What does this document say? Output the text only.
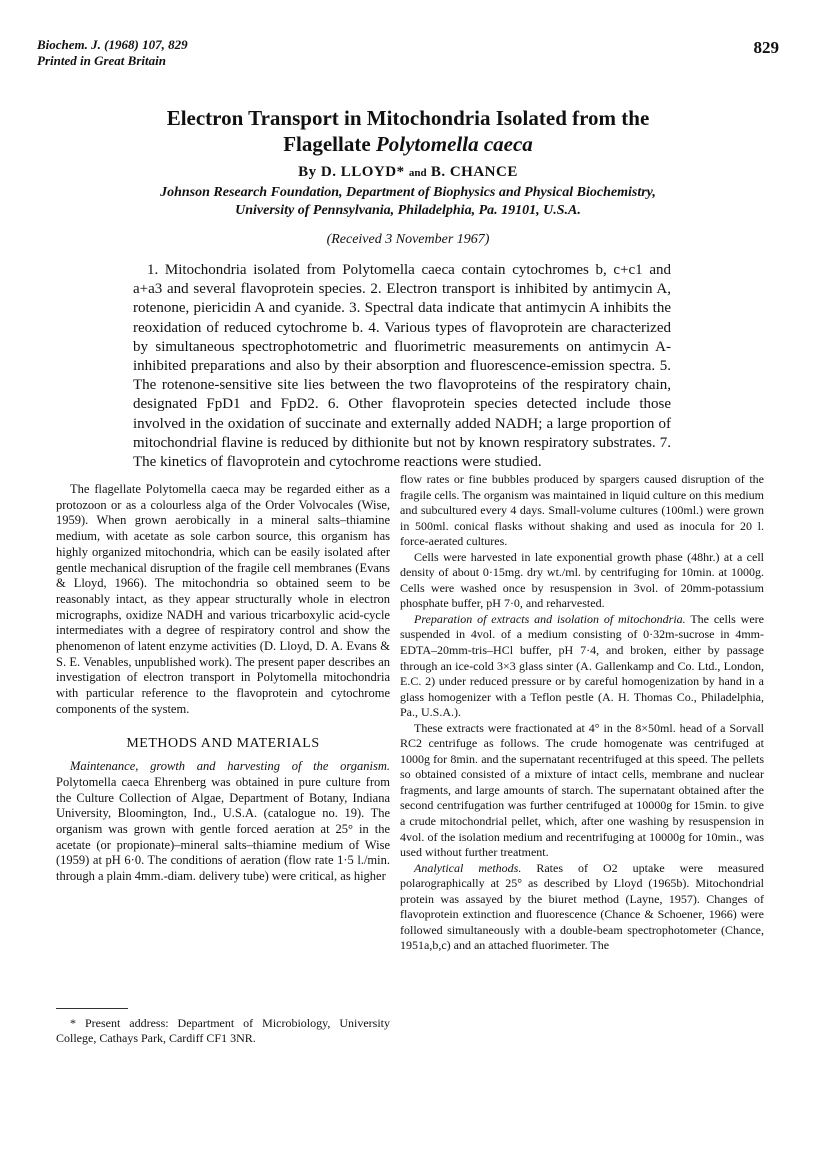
Biochem. J. (1968) 107, 829
Printed in Great Britain
829
Electron Transport in Mitochondria Isolated from the
Flagellate Polytomella caeca
By D. LLOYD* and B. CHANCE
Johnson Research Foundation, Department of Biophysics and Physical Biochemistry,
University of Pennsylvania, Philadelphia, Pa. 19101, U.S.A.
(Received 3 November 1967)

1. Mitochondria isolated from Polytomella caeca contain cytochromes b, c+c1 and a+a3 and several flavoprotein species. 2. Electron transport is inhibited by antimycin A, rotenone, piericidin A and cyanide. 3. Spectral data indicate that antimycin A inhibits the reoxidation of reduced cytochrome b. 4. Various types of flavoprotein are characterized by simultaneous spectrophotometric and fluorimetric measurements on antimycin A-inhibited preparations and also by their absorption and fluorescence-emission spectra. 5. The rotenone-sensitive site lies between the two flavoproteins of the respiratory chain, designated FpD1 and FpD2. 6. Other flavoprotein species detected include those involved in the oxidation of succinate and externally added NADH; a large proportion of mitochondrial flavine is reduced by dithionite but not by known respiratory substrates. 7. The kinetics of flavoprotein and cytochrome reactions were studied.

The flagellate Polytomella caeca may be regarded either as a protozoon or as a colourless alga of the Order Volvocales (Wise, 1959). When grown aerobically in a mineral salts–thiamine medium, with acetate as sole carbon source, this organism has highly organized mitochondria, which can be easily isolated after gentle mechanical disruption of the fragile cell membranes (Evans & Lloyd, 1966). The mitochondria so obtained seem to be reasonably intact, as they appear structurally whole in electron micrographs, oxidize NADH and various tricarboxylic acid-cycle intermediates with a degree of respiratory control and show the phenomenon of latent enzyme activities (D. Lloyd, D. A. Evans & S. E. Venables, unpublished work). The present paper describes an investigation of electron transport in Polytomella mitochondria with particular reference to the flavoprotein and cytochrome components of the system.

METHODS AND MATERIALS

Maintenance, growth and harvesting of the organism. Polytomella caeca Ehrenberg was obtained in pure culture from the Culture Collection of Algae, Department of Botany, Indiana University, Bloomington, Ind., U.S.A. (catalogue no. 19). The organism was grown with gentle forced aeration at 25° in the acetate (or propionate)–mineral salts–thiamine medium of Wise (1959) at pH 6·0. The conditions of aeration (flow rate 1·5 l./min. through a plain 4mm.-diam. delivery tube) were critical, as higher

* Present address: Department of Microbiology, University College, Cathays Park, Cardiff CF1 3NR.

flow rates or fine bubbles produced by spargers caused disruption of the fragile cells. The organism was maintained in liquid culture on this medium and subcultured every 4 days. Small-volume cultures (100ml.) were grown in 500ml. conical flasks without shaking and used as inocula for 20 l. force-aerated cultures.

Cells were harvested in late exponential growth phase (48hr.) at a cell density of about 0·15mg. dry wt./ml. by centrifuging for 10min. at 1000g. Cells were washed once by resuspension in 3vol. of 20mm-potassium phosphate buffer, pH 7·0, and reharvested.

Preparation of extracts and isolation of mitochondria. The cells were suspended in 4vol. of a medium consisting of 0·32m-sucrose in 4mm-EDTA–20mm-tris–HCl buffer, pH 7·4, and broken, either by passage through an ice-cold 3×3 glass sinter (A. Gallenkamp and Co. Ltd., London, E.C. 2) under reduced pressure or by careful homogenization by hand in a glass homogenizer with a Teflon pestle (A. H. Thomas Co., Philadelphia, Pa., U.S.A.).

These extracts were fractionated at 4° in the 8×50ml. head of a Sorvall RC2 centrifuge as follows. The crude homogenate was centrifuged at 1000g for 8min. and the supernatant recentrifuged at this speed. The pellets so obtained consisted of a mixture of intact cells, membrane and nuclear fragments, and large amounts of starch. The supernatant obtained after the second centrifugation was further centrifuged at 10000g for 15min. to give a crude mitochondrial pellet, which, after one washing by resuspension in 4vol. of the isolation medium and recentrifuging at 10000g for 10min., was used without further treatment.

Analytical methods. Rates of O2 uptake were measured polarographically at 25° as described by Lloyd (1965b). Mitochondrial protein was assayed by the biuret method (Layne, 1957). Changes of flavoprotein extinction and fluorescence (Chance & Schoener, 1966) were followed simultaneously with a double-beam spectrophotometer (Chance, 1951a,b,c) and an attached fluorimeter. The
